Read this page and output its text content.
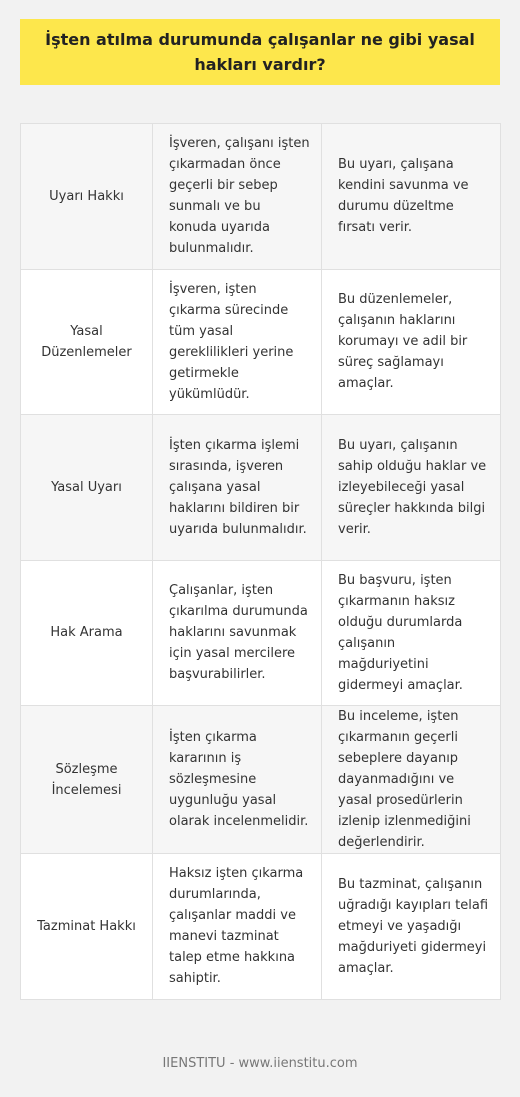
İşten atılma durumunda çalışanlar ne gibi yasal hakları vardır?
Uyarı Hakkı	İşveren, çalışanı işten çıkarmadan önce geçerli bir sebep sunmalı ve bu konuda uyarıda bulunmalıdır.	Bu uyarı, çalışana kendini savunma ve durumu düzeltme fırsatı verir.
Yasal Düzenlemeler	İşveren, işten çıkarma sürecinde tüm yasal gereklilikleri yerine getirmekle yükümlüdür.	Bu düzenlemeler, çalışanın haklarını korumayı ve adil bir süreç sağlamayı amaçlar.
Yasal Uyarı	İşten çıkarma işlemi sırasında, işveren çalışana yasal haklarını bildiren bir uyarıda bulunmalıdır.	Bu uyarı, çalışanın sahip olduğu haklar ve izleyebileceği yasal süreçler hakkında bilgi verir.
Hak Arama	Çalışanlar, işten çıkarılma durumunda haklarını savunmak için yasal mercilere başvurabilirler.	Bu başvuru, işten çıkarmanın haksız olduğu durumlarda çalışanın mağduriyetini gidermeyi amaçlar.
Sözleşme İncelemesi	İşten çıkarma kararının iş sözleşmesine uygunluğu yasal olarak incelenmelidir.	Bu inceleme, işten çıkarmanın geçerli sebeplere dayanıp dayanmadığını ve yasal prosedürlerin izlenip izlenmediğini değerlendirir.
Tazminat Hakkı	Haksız işten çıkarma durumlarında, çalışanlar maddi ve manevi tazminat talep etme hakkına sahiptir.	Bu tazminat, çalışanın uğradığı kayıpları telafi etmeyi ve yaşadığı mağduriyeti gidermeyi amaçlar.
IIENSTITU - www.iienstitu.com
